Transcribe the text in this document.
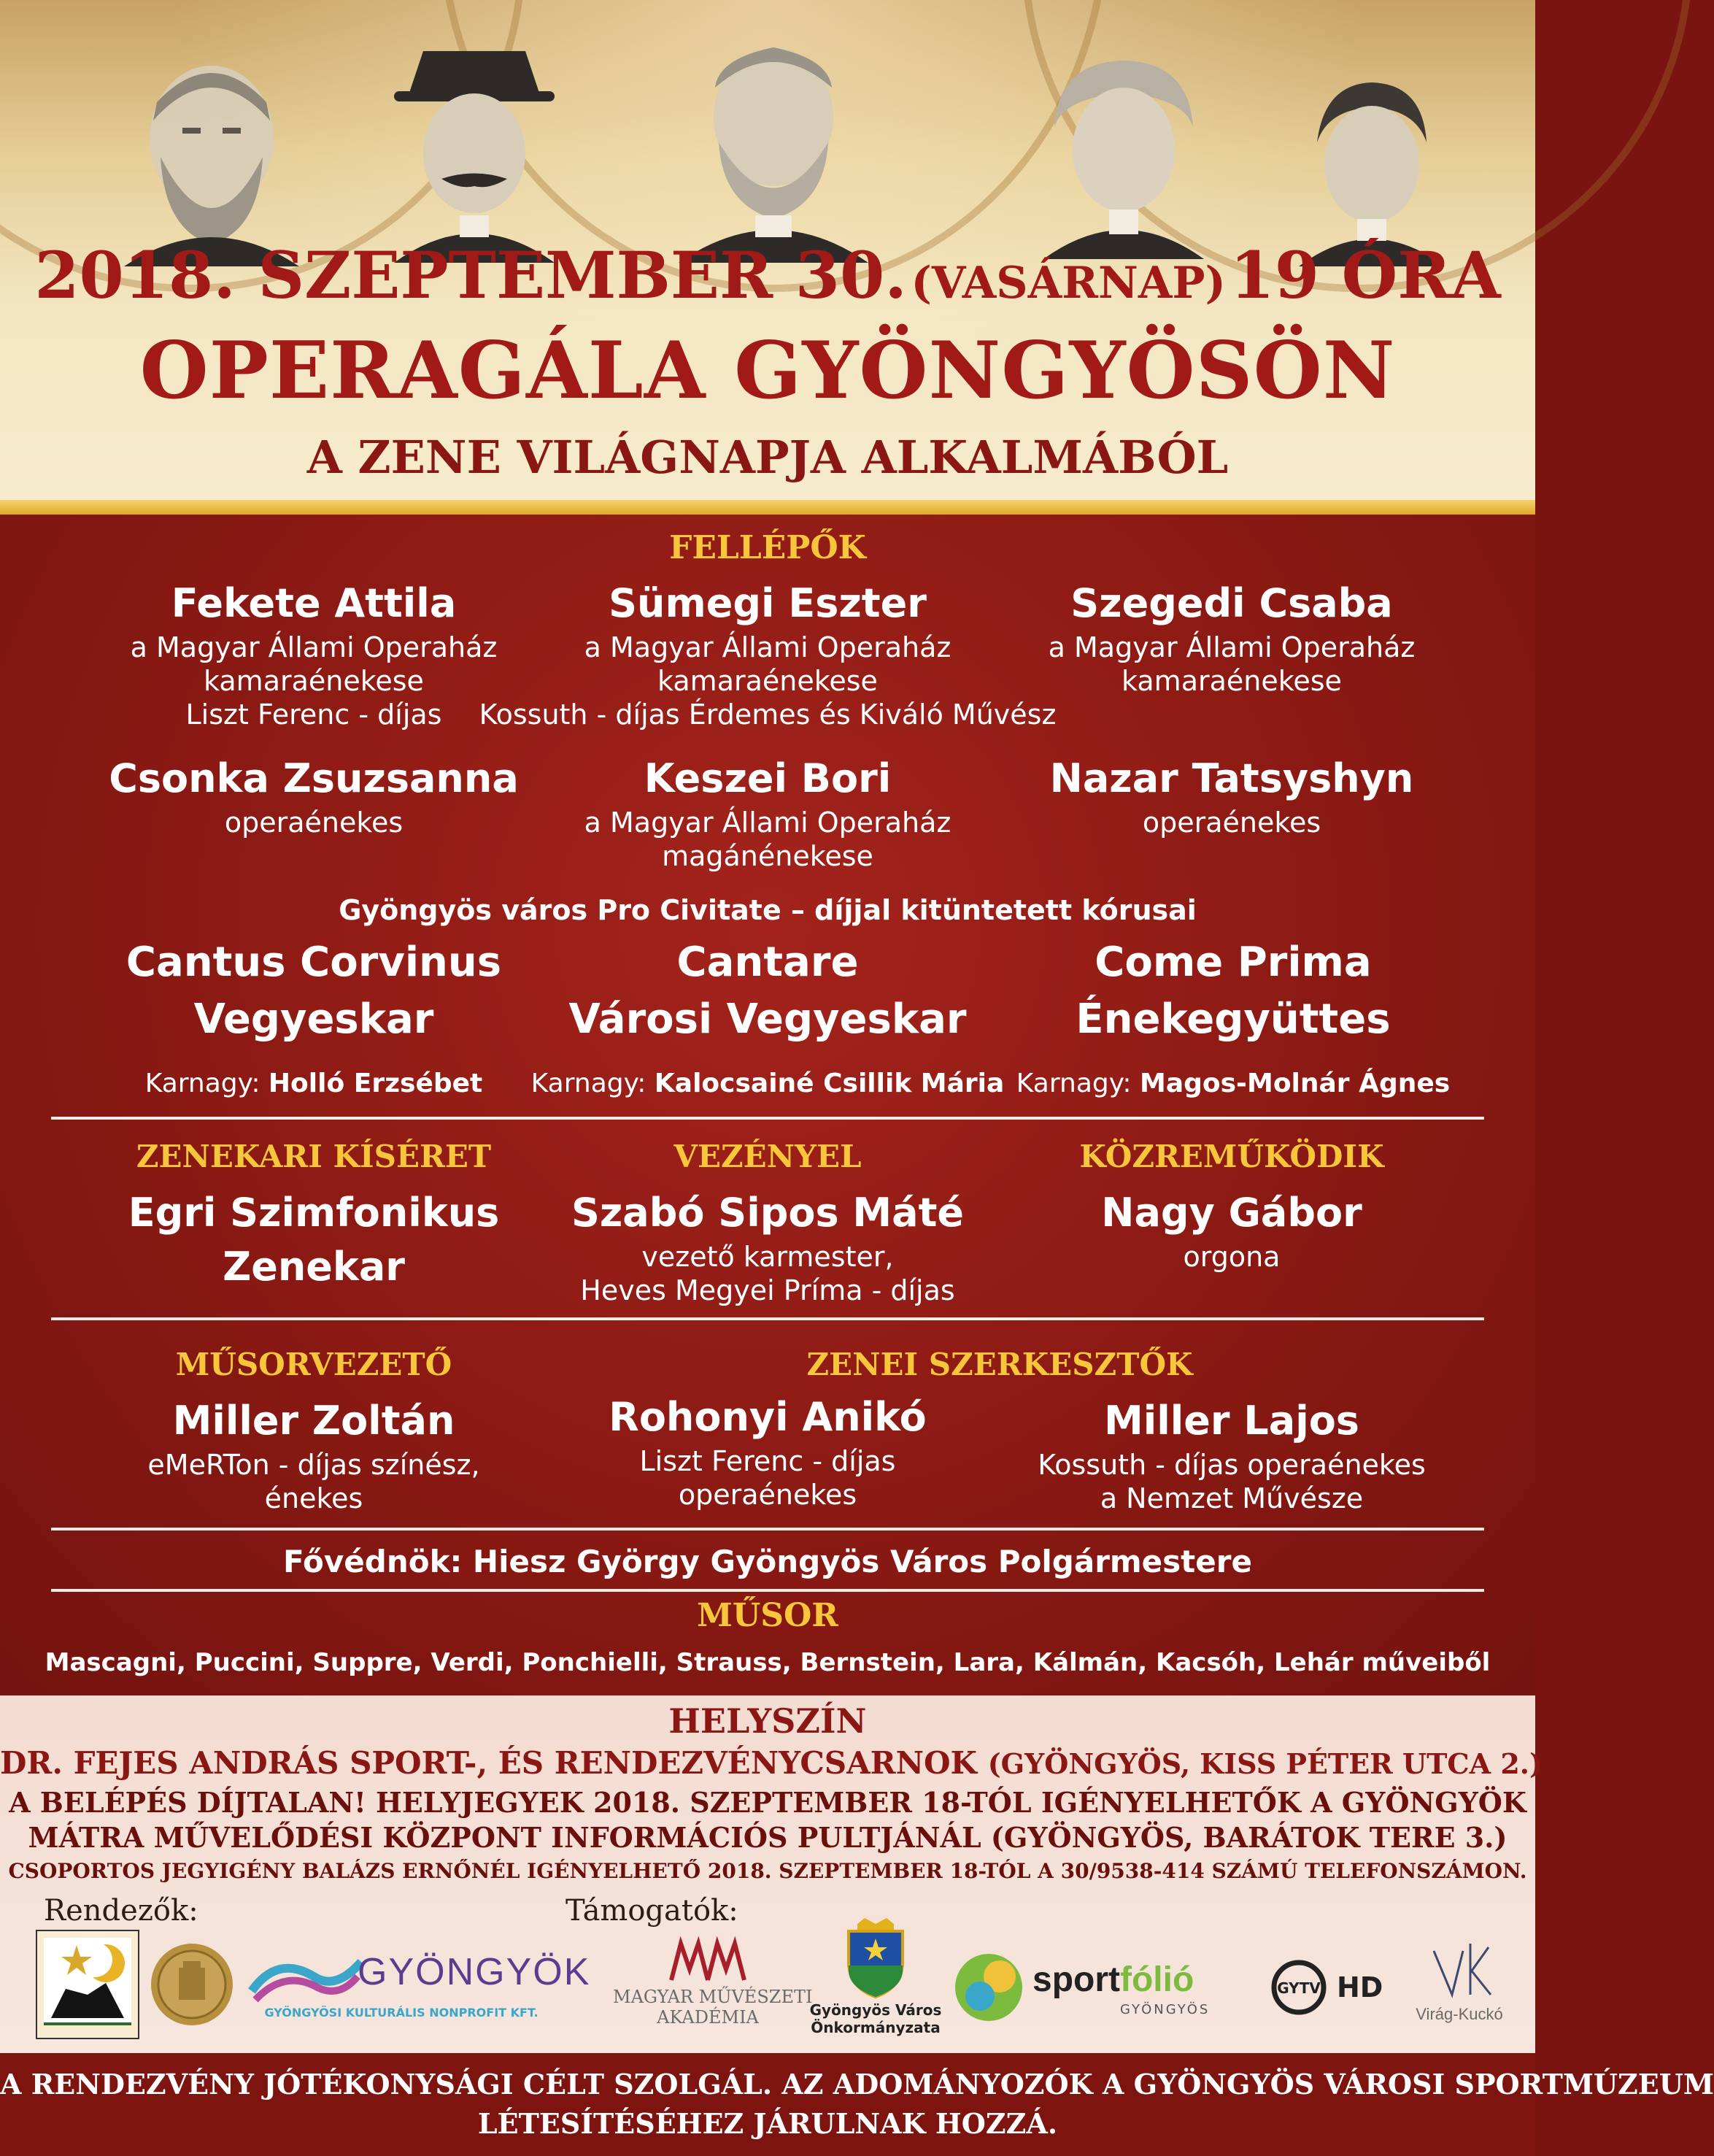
2018. SZEPTEMBER 30. (VASÁRNAP) 19 ÓRA
OPERAGÁLA GYÖNGYÖSÖN
A ZENE VILÁGNAPJA ALKALMÁBÓL
FELLÉPŐK
Fekete Attila
a Magyar Állami Operaház
kamaraénekese
Liszt Ferenc - díjas
Sümegi Eszter
a Magyar Állami Operaház
kamaraénekese
Kossuth - díjas Érdemes és Kiváló Művész
Szegedi Csaba
a Magyar Állami Operaház
kamaraénekese
Csonka Zsuzsanna
operaénekes
Keszei Bori
a Magyar Állami Operaház
magánénekese
Nazar Tatsyshyn
operaénekes
Gyöngyös város Pro Civitate – díjjal kitüntetett kórusai
Cantus Corvinus
Vegyeskar
Karnagy: Holló Erzsébet
Cantare
Városi Vegyeskar
Karnagy: Kalocsainé Csillik Mária
Come Prima
Énekegyüttes
Karnagy: Magos-Molnár Ágnes
ZENEKARI KÍSÉRET
Egri Szimfonikus
Zenekar
VEZÉNYEL
Szabó Sipos Máté
vezető karmester,
Heves Megyei Príma - díjas
KÖZREMŰKÖDIK
Nagy Gábor
orgona
MŰSORVEZETŐ
Miller Zoltán
eMeRTon - díjas színész,
énekes
ZENEI SZERKESZTŐK
Rohonyi Anikó
Liszt Ferenc - díjas
operaénekes
Miller Lajos
Kossuth - díjas operaénekes
a Nemzet Művésze
Fővédnök: Hiesz György Gyöngyös Város Polgármestere
MŰSOR
Mascagni, Puccini, Suppre, Verdi, Ponchielli, Strauss, Bernstein, Lara, Kálmán, Kacsóh, Lehár műveiből
HELYSZÍN
DR. FEJES ANDRÁS SPORT-, ÉS RENDEZVÉNYCSARNOK (GYÖNGYÖS, KISS PÉTER UTCA 2.)
A BELÉPÉS DÍJTALAN! HELYJEGYEK 2018. SZEPTEMBER 18-TÓL IGÉNYELHETŐK A GYÖNGYÖK
MÁTRA MŰVELŐDÉSI KÖZPONT INFORMÁCIÓS PULTJÁNÁL (GYÖNGYÖS, BARÁTOK TERE 3.)
CSOPORTOS JEGYIGÉNY BALÁZS ERNŐNÉL IGÉNYELHETŐ 2018. SZEPTEMBER 18-TÓL A 30/9538-414 SZÁMÚ TELEFONSZÁMON.
Rendezők:	Támogatók:
GYÖNGYÖK
GYÖNGYÖSI KULTURÁLIS NONPROFIT KFT.
MAGYAR MŰVÉSZETI
AKADÉMIA	Gyöngyös Város
Önkormányzata
sportfólió
GYÖNGYÖS
GYTV HD
Virág-Kuckó
A RENDEZVÉNY JÓTÉKONYSÁGI CÉLT SZOLGÁL. AZ ADOMÁNYOZÓK A GYÖNGYÖS VÁROSI SPORTMÚZEUM
LÉTESÍTÉSÉHEZ JÁRULNAK HOZZÁ.
